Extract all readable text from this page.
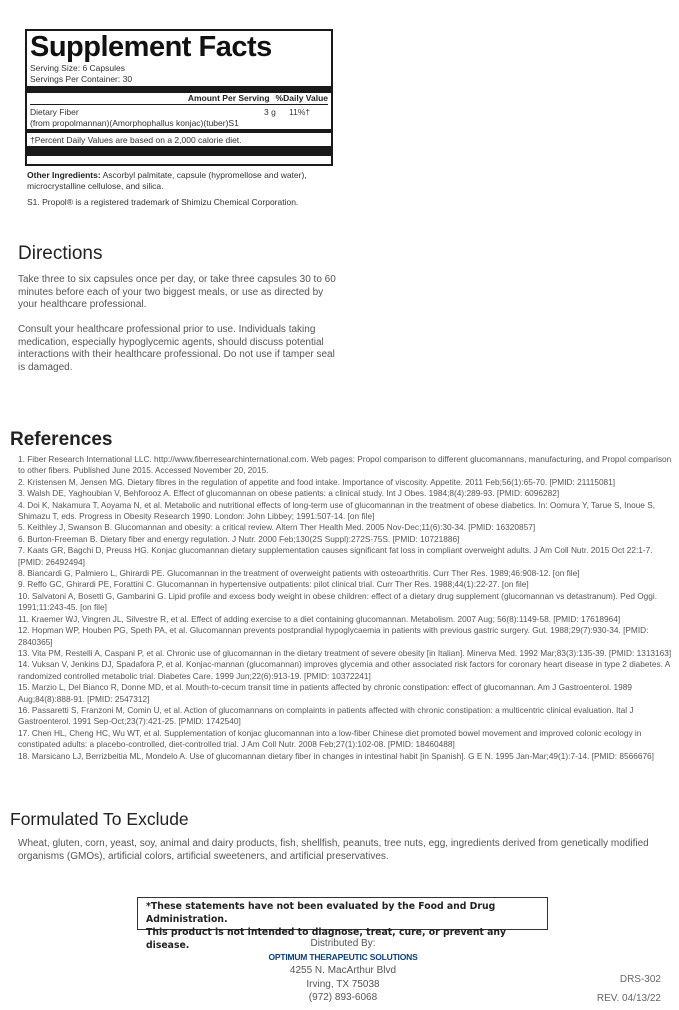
Supplement Facts
Serving Size: 6 Capsules
Servings Per Container: 30
Amount Per Serving %Daily Value
Dietary Fiber
(from propolmannan)(Amorphophallus konjac)(tuber)S1
3 g 11%†
†Percent Daily Values are based on a 2,000 calorie diet.
Other Ingredients: Ascorbyl palmitate, capsule (hypromellose and water), microcrystalline cellulose, and silica.
S1. Propol® is a registered trademark of Shimizu Chemical Corporation.
Directions

Take three to six capsules once per day, or take three capsules 30 to 60 minutes before each of your two biggest meals, or use as directed by your healthcare professional.

Consult your healthcare professional prior to use. Individuals taking medication, especially hypoglycemic agents, should discuss potential interactions with their healthcare professional. Do not use if tamper seal is damaged.

References
1. Fiber Research International LLC. http://www.fiberresearchinternational.com. Web pages: Propol comparison to different glucomannans, manufacturing, and Propol comparison to other fibers. Published June 2015. Accessed November 20, 2015.
2. Kristensen M, Jensen MG. Dietary fibres in the regulation of appetite and food intake. Importance of viscosity. Appetite. 2011 Feb;56(1):65-70. [PMID: 21115081]
3. Walsh DE, Yaghoubian V, Behforooz A. Effect of glucomannan on obese patients: a clinical study. Int J Obes. 1984;8(4):289-93. [PMID: 6096282]
4. Doi K, Nakamura T, Aoyama N, et al. Metabolic and nutritional effects of long-term use of glucomannan in the treatment of obese diabetics. In: Oomura Y, Tarue S, Inoue S, Shimazu T, eds. Progress in Obesity Research 1990. London: John Libbey; 1991:507-14. [on file]
5. Keithley J, Swanson B. Glucomannan and obesity: a critical review. Altern Ther Health Med. 2005 Nov-Dec;11(6):30-34. [PMID: 16320857]
6. Burton-Freeman B. Dietary fiber and energy regulation. J Nutr. 2000 Feb;130(2S Suppl):272S-75S. [PMID: 10721886]
7. Kaats GR, Bagchi D, Preuss HG. Konjac glucomannan dietary supplementation causes significant fat loss in compliant overweight adults. J Am Coll Nutr. 2015 Oct 22:1-7. [PMID: 26492494]
8. Biancardi G, Palmiero L, Ghirardi PE. Glucomannan in the treatment of overweight patients with osteoarthritis. Curr Ther Res. 1989;46:908-12. [on file]
9. Reffo GC, Ghirardi PE, Forattini C. Glucomannan in hypertensive outpatients: pilot clinical trial. Curr Ther Res. 1988;44(1):22-27. [on file]
10. Salvatoni A, Bosetti G, Gambarini G. Lipid profile and excess body weight in obese children: effect of a dietary drug supplement (glucomannan vs detastranum). Ped Oggi. 1991;11:243-45. [on file]
11. Kraemer WJ, Vingren JL, Silvestre R, et al. Effect of adding exercise to a diet containing glucomannan. Metabolism. 2007 Aug; 56(8):1149-58. [PMID: 17618964]
12. Hopman WP, Houben PG, Speth PA, et al. Glucomannan prevents postprandial hypoglycaemia in patients with previous gastric surgery. Gut. 1988;29(7):930-34. [PMID: 2840365]
13. Vita PM, Restelli A, Caspani P, et al. Chronic use of glucomannan in the dietary treatment of severe obesity [in Italian]. Minerva Med. 1992 Mar;83(3):135-39. [PMID: 1313163]
14. Vuksan V, Jenkins DJ, Spadafora P, et al. Konjac-mannan (glucomannan) improves glycemia and other associated risk factors for coronary heart disease in type 2 diabetes. A randomized controlled metabolic trial. Diabetes Care. 1999 Jun;22(6):913-19. [PMID: 10372241]
15. Marzio L, Del Bianco R, Donne MD, et al. Mouth-to-cecum transit time in patients affected by chronic constipation: effect of glucomannan. Am J Gastroenterol. 1989 Aug;84(8):888-91. [PMID: 2547312]
16. Passaretti S, Franzoni M, Comin U, et al. Action of glucomannans on complaints in patients affected with chronic constipation: a multicentric clinical evaluation. Ital J Gastroenterol. 1991 Sep-Oct;23(7):421-25. [PMID: 1742540]
17. Chen HL, Cheng HC, Wu WT, et al. Supplementation of konjac glucomannan into a low-fiber Chinese diet promoted bowel movement and improved colonic ecology in constipated adults: a placebo-controlled, diet-controlled trial. J Am Coll Nutr. 2008 Feb;27(1):102-08. [PMID: 18460488]
18. Marsicano LJ, Berrizbeitia ML, Mondelo A. Use of glucomannan dietary fiber in changes in intestinal habit [in Spanish]. G E N. 1995 Jan-Mar;49(1):7-14. [PMID: 8566676]
Formulated To Exclude

Wheat, gluten, corn, yeast, soy, animal and dairy products, fish, shellfish, peanuts, tree nuts, egg, ingredients derived from genetically modified organisms (GMOs), artificial colors, artificial sweeteners, and artificial preservatives.

*These statements have not been evaluated by the Food and Drug Administration.
This product is not intended to diagnose, treat, cure, or prevent any disease.	Distributed By:
OPTIMUM THERAPEUTIC SOLUTIONS
4255 N. MacArthur Blvd
Irving, TX 75038
(972) 893-6068
DRS-302
REV. 04/13/22
